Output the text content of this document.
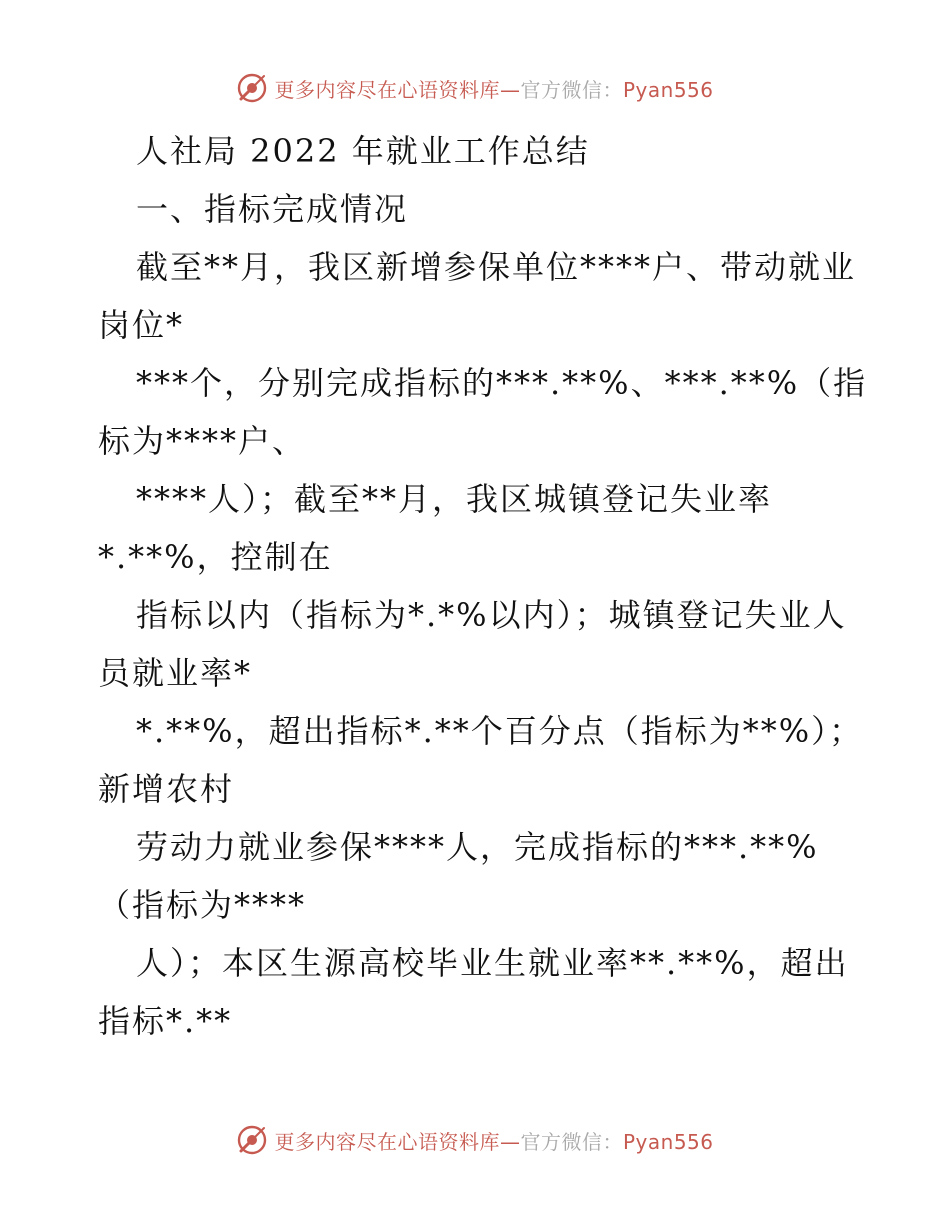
更多内容尽在心语资料库—官方微信：Pyan556
人社局 2022 年就业工作总结
一、指标完成情况
截至**月，我区新增参保单位****户、带动就业
岗位*
***个，分别完成指标的***.**%、***.**%（指
标为****户、
****人）；截至**月，我区城镇登记失业率
*.**%，控制在
指标以内（指标为*.*%以内）；城镇登记失业人
员就业率*
*.**%，超出指标*.**个百分点（指标为**%）；
新增农村
劳动力就业参保****人，完成指标的***.**%
（指标为****
人）；本区生源高校毕业生就业率**.**%，超出
指标*.**
更多内容尽在心语资料库—官方微信：Pyan556
